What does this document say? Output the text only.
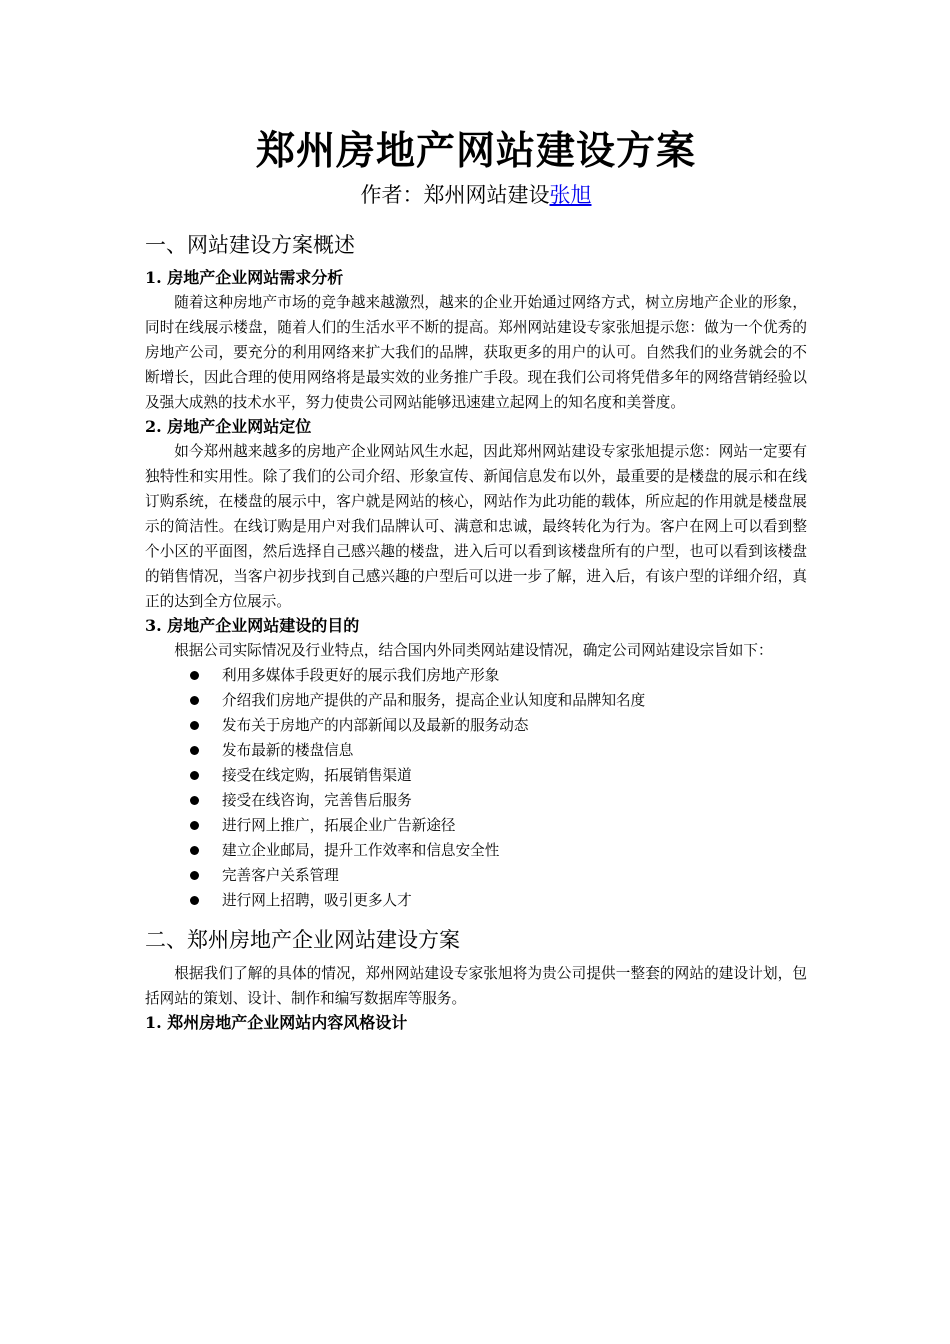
郑州房地产网站建设方案

作者：郑州网站建设张旭

一、网站建设方案概述
1. 房地产企业网站需求分析

随着这种房地产市场的竞争越来越激烈，越来的企业开始通过网络方式，树立房地产企业的形象，同时在线展示楼盘，随着人们的生活水平不断的提高。郑州网站建设专家张旭提示您：做为一个优秀的房地产公司，要充分的利用网络来扩大我们的品牌，获取更多的用户的认可。自然我们的业务就会的不断增长，因此合理的使用网络将是最实效的业务推广手段。现在我们公司将凭借多年的网络营销经验以及强大成熟的技术水平，努力使贵公司网站能够迅速建立起网上的知名度和美誉度。

2. 房地产企业网站定位

如今郑州越来越多的房地产企业网站风生水起，因此郑州网站建设专家张旭提示您：网站一定要有独特性和实用性。除了我们的公司介绍、形象宣传、新闻信息发布以外，最重要的是楼盘的展示和在线订购系统，在楼盘的展示中，客户就是网站的核心，网站作为此功能的载体，所应起的作用就是楼盘展示的简洁性。在线订购是用户对我们品牌认可、满意和忠诚，最终转化为行为。客户在网上可以看到整个小区的平面图，然后选择自己感兴趣的楼盘，进入后可以看到该楼盘所有的户型，也可以看到该楼盘的销售情况，当客户初步找到自己感兴趣的户型后可以进一步了解，进入后，有该户型的详细介绍，真正的达到全方位展示。

3. 房地产企业网站建设的目的

根据公司实际情况及行业特点，结合国内外同类网站建设情况，确定公司网站建设宗旨如下：

利用多媒体手段更好的展示我们房地产形象
介绍我们房地产提供的产品和服务，提高企业认知度和品牌知名度
发布关于房地产的内部新闻以及最新的服务动态
发布最新的楼盘信息
接受在线定购，拓展销售渠道
接受在线咨询，完善售后服务
进行网上推广，拓展企业广告新途径
建立企业邮局，提升工作效率和信息安全性
完善客户关系管理
进行网上招聘，吸引更多人才
二、郑州房地产企业网站建设方案

根据我们了解的具体的情况，郑州网站建设专家张旭将为贵公司提供一整套的网站的建设计划，包括网站的策划、设计、制作和编写数据库等服务。

1. 郑州房地产企业网站内容风格设计
